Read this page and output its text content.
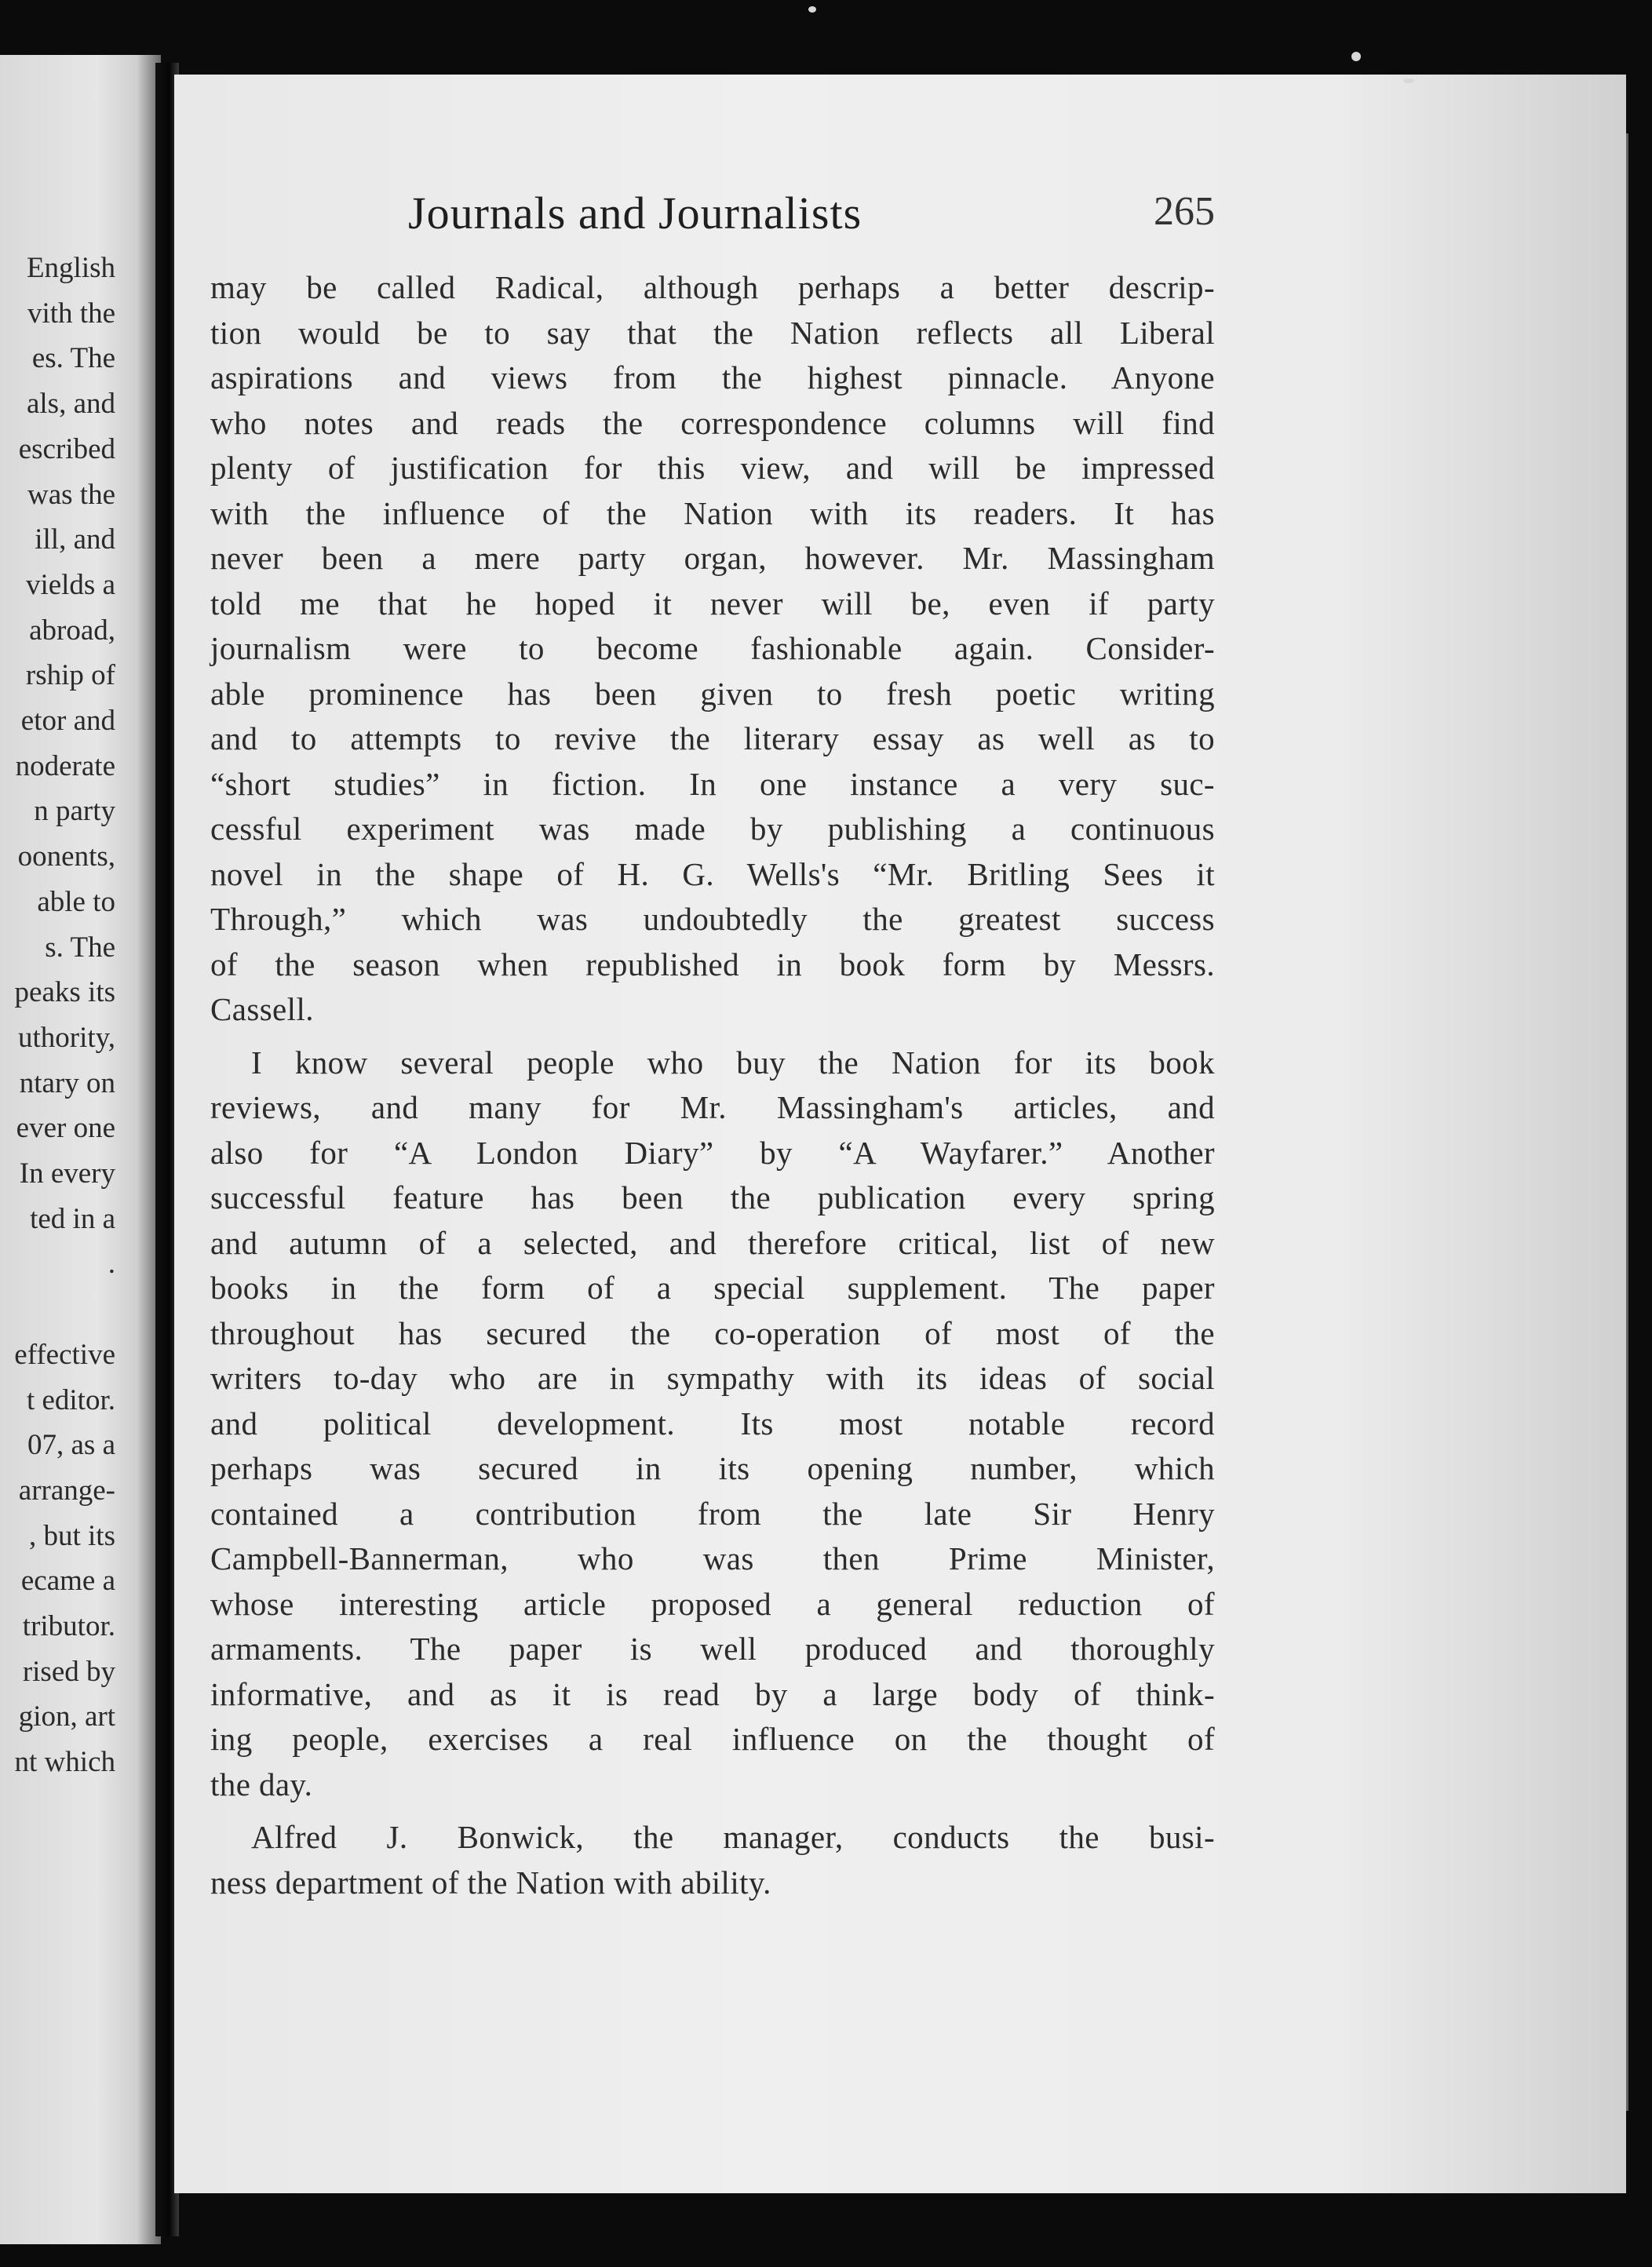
English
vith the
es. The
als, and
escribed
was the
ill, and
vields a
abroad,
rship of
etor and
noderate
n party
oonents,
able to
s. The
peaks its
uthority,
ntary on
ever one
In every
ted in a
.
effective
t editor.
07, as a
arrange-
, but its
ecame a
tributor.
rised by
gion, art
nt which
Journals and Journalists	265
may be called Radical, although perhaps a better descrip-
tion would be to say that the Nation reflects all Liberal
aspirations and views from the highest pinnacle. Anyone
who notes and reads the correspondence columns will find
plenty of justification for this view, and will be impressed
with the influence of the Nation with its readers. It has
never been a mere party organ, however. Mr. Massingham
told me that he hoped it never will be, even if party
journalism were to become fashionable again. Consider-
able prominence has been given to fresh poetic writing
and to attempts to revive the literary essay as well as to
“short studies” in fiction. In one instance a very suc-
cessful experiment was made by publishing a continuous
novel in the shape of H. G. Wells's “Mr. Britling Sees it
Through,” which was undoubtedly the greatest success
of the season when republished in book form by Messrs.
Cassell.
I know several people who buy the Nation for its book
reviews, and many for Mr. Massingham's articles, and
also for “A London Diary” by “A Wayfarer.” Another
successful feature has been the publication every spring
and autumn of a selected, and therefore critical, list of new
books in the form of a special supplement. The paper
throughout has secured the co-operation of most of the
writers to-day who are in sympathy with its ideas of social
and political development. Its most notable record
perhaps was secured in its opening number, which
contained a contribution from the late Sir Henry
Campbell-Bannerman, who was then Prime Minister,
whose interesting article proposed a general reduction of
armaments. The paper is well produced and thoroughly
informative, and as it is read by a large body of think-
ing people, exercises a real influence on the thought of
the day.
Alfred J. Bonwick, the manager, conducts the busi-
ness department of the Nation with ability.
